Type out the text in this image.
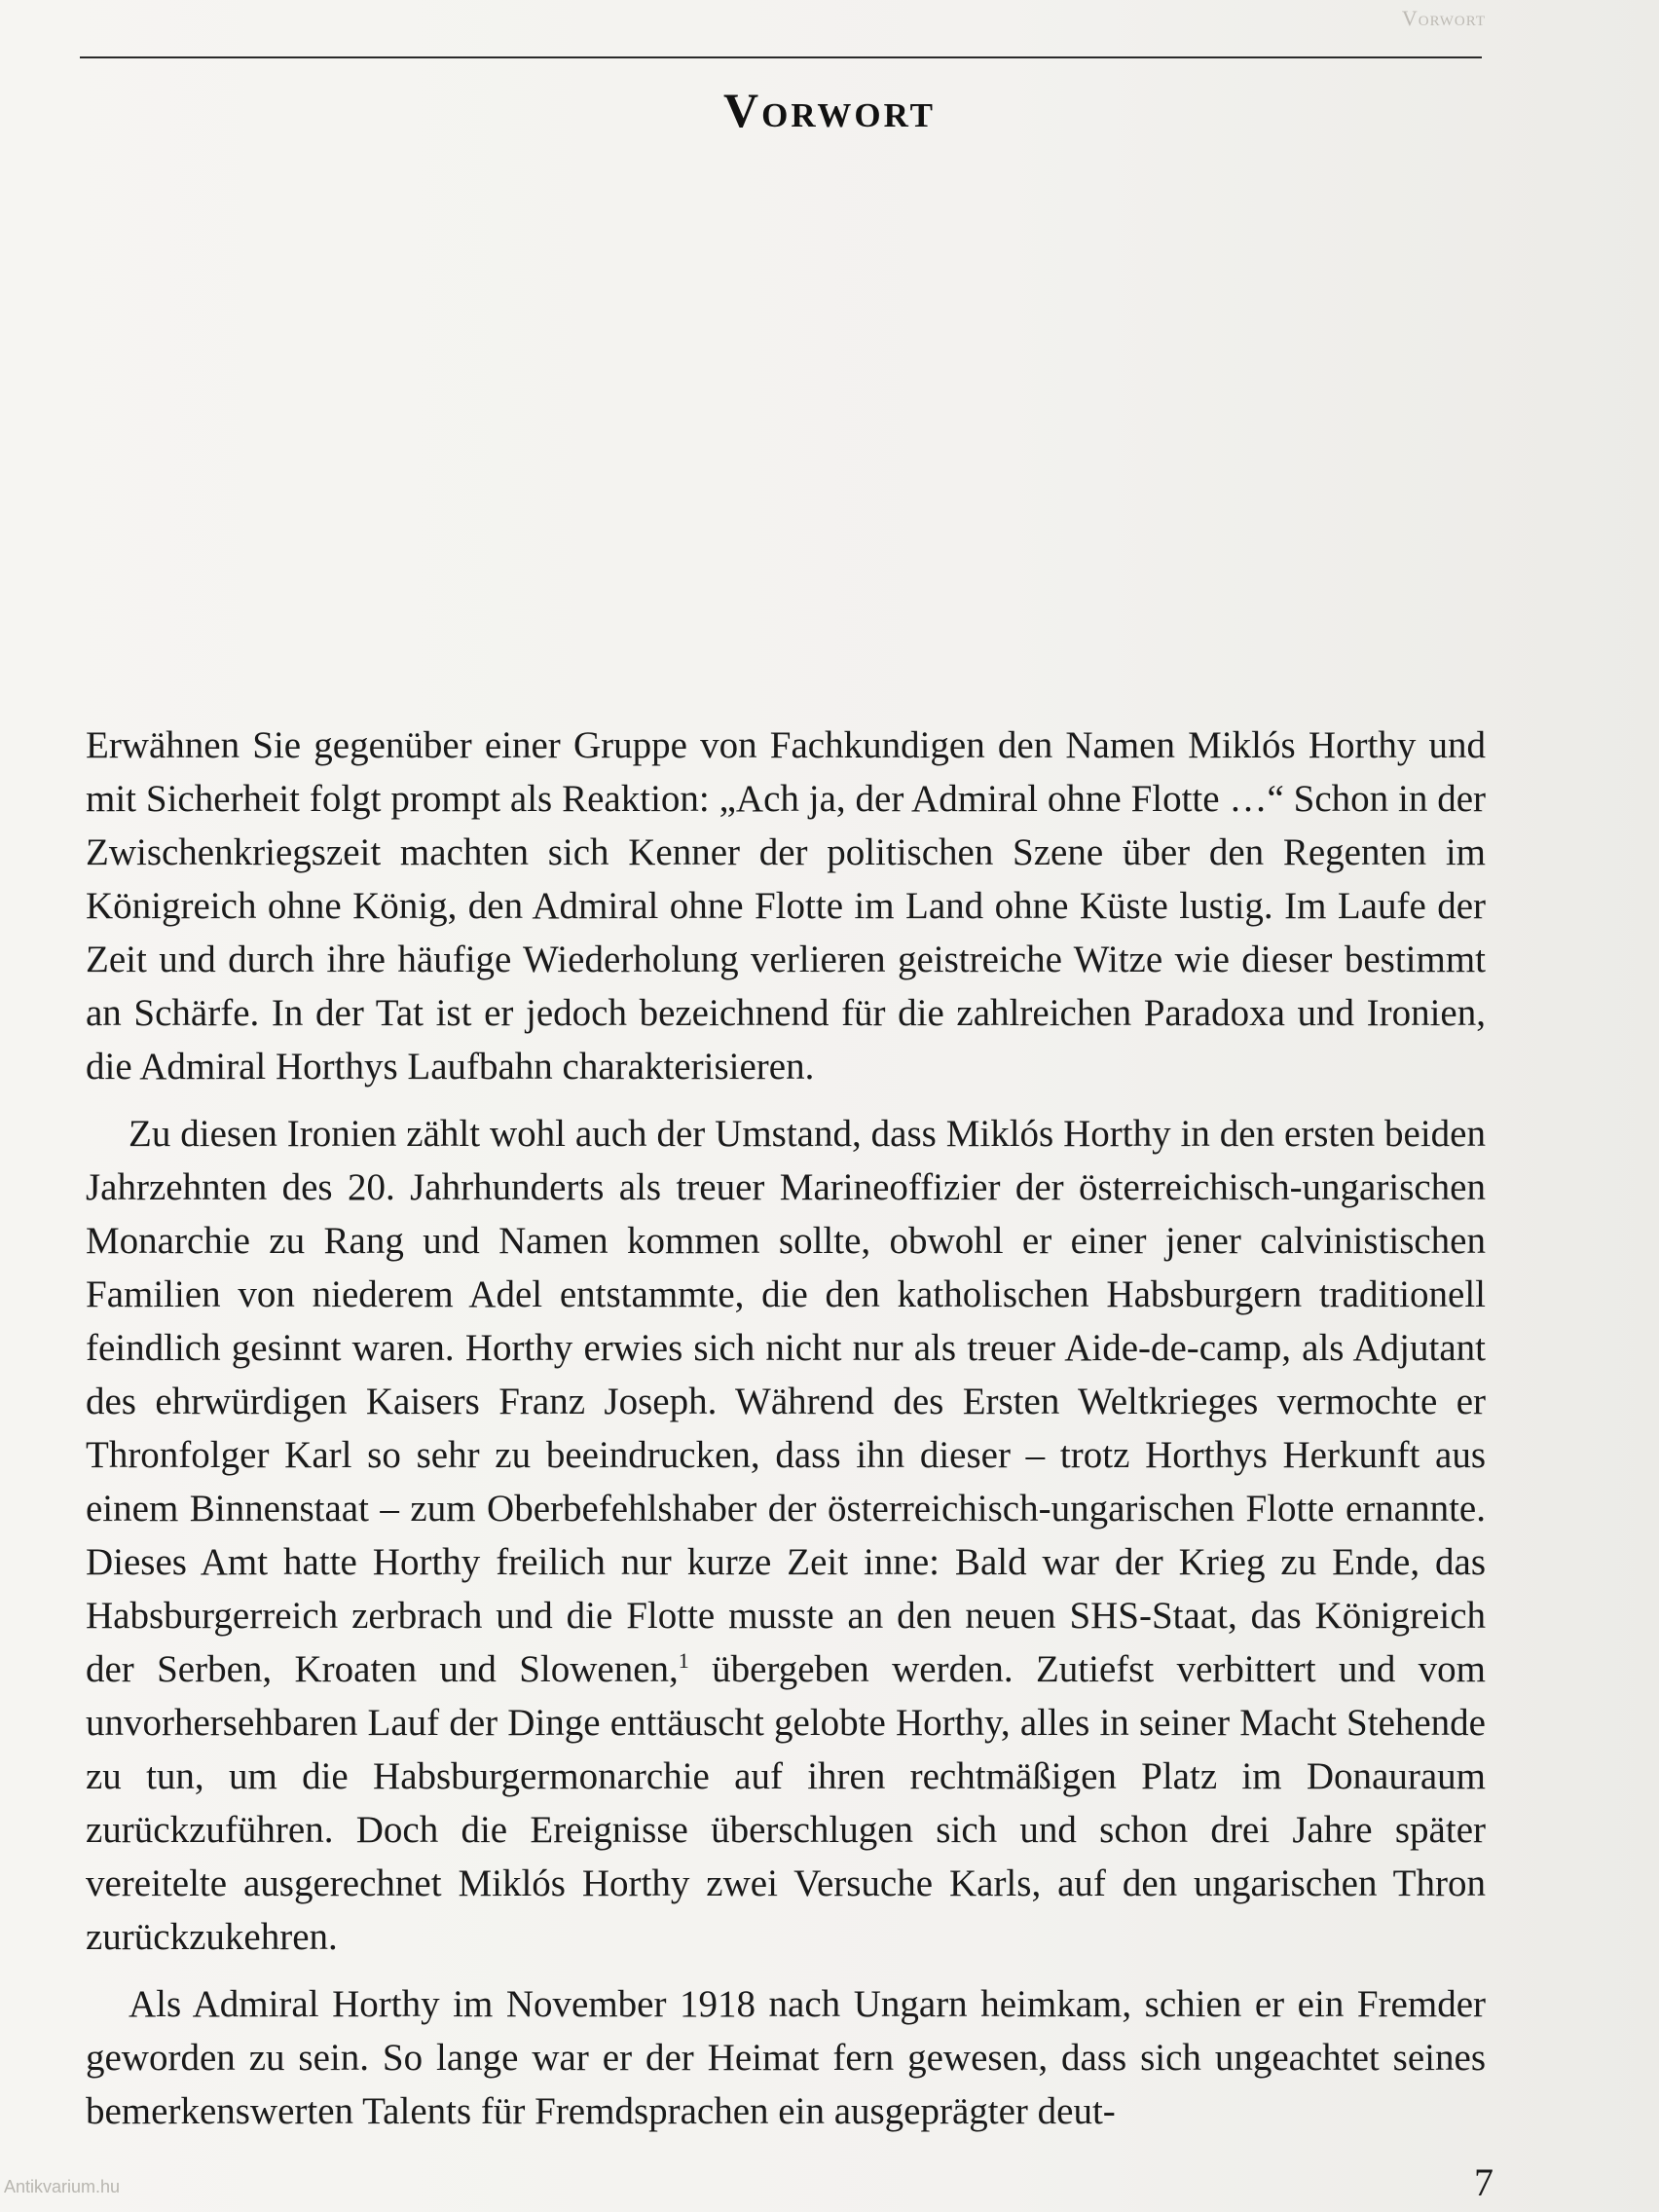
Vorwort
Vorwort

Erwähnen Sie gegenüber einer Gruppe von Fachkundigen den Namen Miklós Horthy und mit Sicherheit folgt prompt als Reaktion: „Ach ja, der Admiral ohne Flotte …“ Schon in der Zwischenkriegszeit machten sich Kenner der politischen Szene über den Regenten im Königreich ohne König, den Admiral ohne Flotte im Land ohne Küste lustig. Im Laufe der Zeit und durch ihre häufige Wiederholung verlieren geistreiche Witze wie dieser bestimmt an Schärfe. In der Tat ist er jedoch bezeichnend für die zahlreichen Paradoxa und Ironien, die Admiral Horthys Laufbahn charakterisieren.

Zu diesen Ironien zählt wohl auch der Umstand, dass Miklós Horthy in den ersten beiden Jahrzehnten des 20. Jahrhunderts als treuer Marineoffizier der österreichisch-ungarischen Monarchie zu Rang und Namen kommen sollte, obwohl er einer jener calvinistischen Familien von niederem Adel entstammte, die den katholischen Habsburgern traditionell feindlich gesinnt waren. Horthy erwies sich nicht nur als treuer Aide-de-camp, als Adjutant des ehrwürdigen Kaisers Franz Joseph. Während des Ersten Weltkrieges vermochte er Thronfolger Karl so sehr zu beeindrucken, dass ihn dieser – trotz Horthys Herkunft aus einem Binnenstaat – zum Oberbefehlshaber der österreichisch-ungarischen Flotte ernannte. Dieses Amt hatte Horthy freilich nur kurze Zeit inne: Bald war der Krieg zu Ende, das Habsburgerreich zerbrach und die Flotte musste an den neuen SHS-Staat, das Königreich der Serben, Kroaten und Slowenen,$^1$ übergeben werden. Zutiefst verbittert und vom unvorhersehbaren Lauf der Dinge enttäuscht gelobte Horthy, alles in seiner Macht Stehende zu tun, um die Habsburgermonarchie auf ihren rechtmäßigen Platz im Donauraum zurückzuführen. Doch die Ereignisse überschlugen sich und schon drei Jahre später vereitelte ausgerechnet Miklós Horthy zwei Versuche Karls, auf den ungarischen Thron zurückzukehren.

Als Admiral Horthy im November 1918 nach Ungarn heimkam, schien er ein Fremder geworden zu sein. So lange war er der Heimat fern gewesen, dass sich ungeachtet seines bemerkenswerten Talents für Fremdsprachen ein ausgeprägter deut-

7
Antikvarium.hu
